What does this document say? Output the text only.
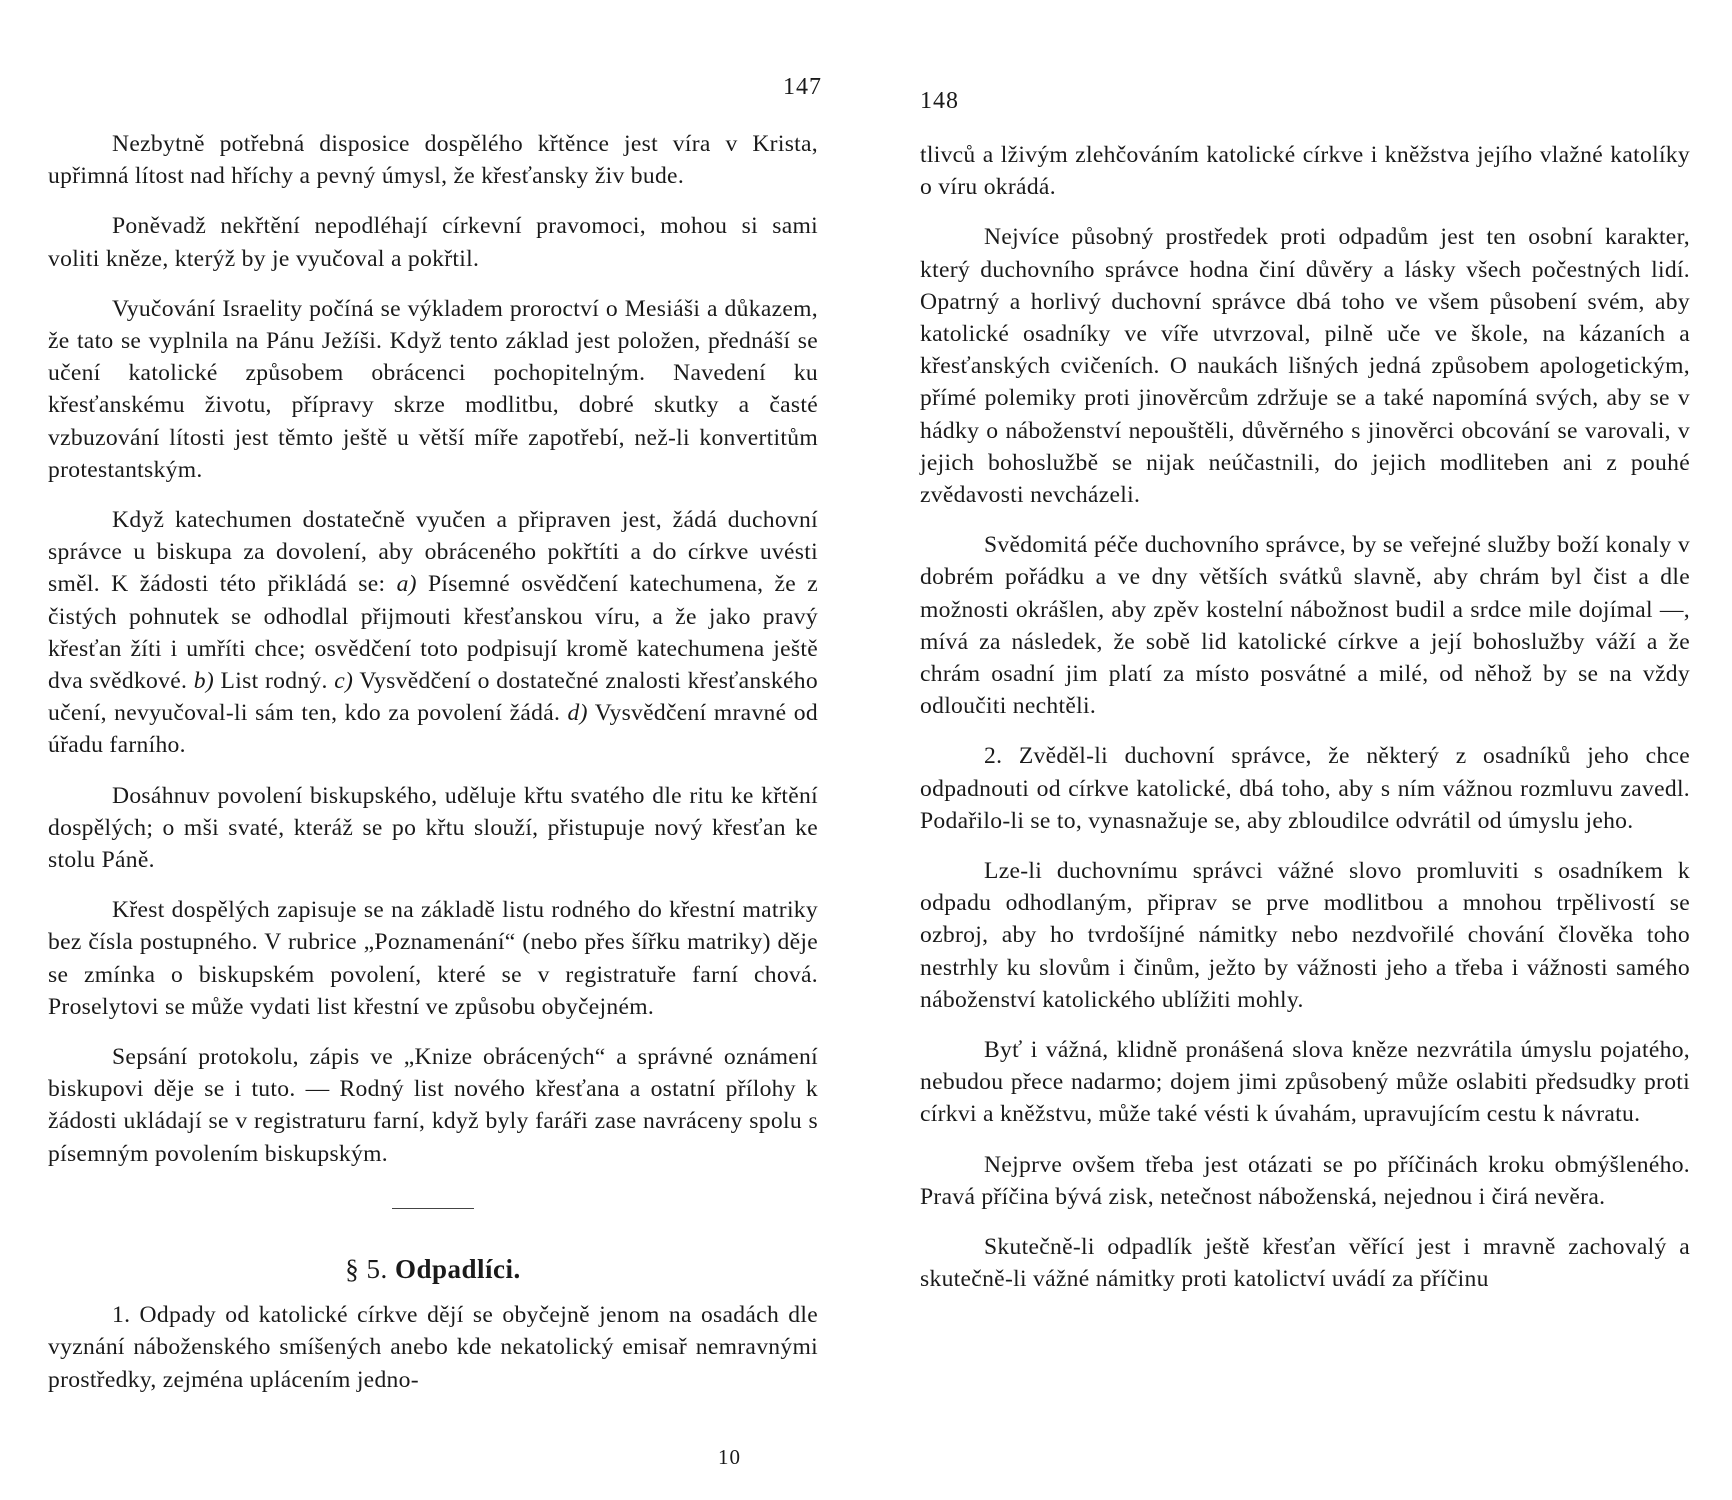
147

Nezbytně potřebná disposice dospělého křtěnce jest víra v Krista, upřimná lítost nad hříchy a pevný úmysl, že křesťansky živ bude.

Poněvadž nekřtění nepodléhají církevní pravomoci, mohou si sami voliti kněze, kterýž by je vyučoval a pokřtil.

Vyučování Israelity počíná se výkladem proroctví o Mesiáši a důkazem, že tato se vyplnila na Pánu Ježíši. Když tento základ jest položen, přednáší se učení katolické způsobem obrácenci pochopitelným. Navedení ku křesťanskému životu, přípravy skrze modlitbu, dobré skutky a časté vzbuzování lítosti jest těmto ještě u větší míře zapotřebí, než-li konvertitům protestantským.

Když katechumen dostatečně vyučen a připraven jest, žádá duchovní správce u biskupa za dovolení, aby obráceného pokřtíti a do církve uvésti směl. K žádosti této přikládá se: a) Písemné osvědčení katechumena, že z čistých pohnutek se odhodlal přijmouti křesťanskou víru, a že jako pravý křesťan žíti i umříti chce; osvědčení toto podpisují kromě katechumena ještě dva svědkové. b) List rodný. c) Vysvědčení o dostatečné znalosti křesťanského učení, nevyučoval-li sám ten, kdo za povolení žádá. d) Vysvědčení mravné od úřadu farního.

Dosáhnuv povolení biskupského, uděluje křtu svatého dle ritu ke křtění dospělých; o mši svaté, kteráž se po křtu slouží, přistupuje nový křesťan ke stolu Páně.

Křest dospělých zapisuje se na základě listu rodného do křestní matriky bez čísla postupného. V rubrice „Poznamenání“ (nebo přes šířku matriky) děje se zmínka o biskupském povolení, které se v registratuře farní chová. Proselytovi se může vydati list křestní ve způsobu obyčejném.

Sepsání protokolu, zápis ve „Knize obrácených“ a správné oznámení biskupovi děje se i tuto. — Rodný list nového křesťana a ostatní přílohy k žádosti ukládají se v registraturu farní, když byly faráři zase navráceny spolu s písemným povolením biskupským.

§ 5. Odpadlíci.

1. Odpady od katolické církve dějí se obyčejně jenom na osadách dle vyznání náboženského smíšených anebo kde nekatolický emisař nemravnými prostředky, zejména uplácením jedno-

10
148

tlivců a lživým zlehčováním katolické církve i kněžstva jejího vlažné katolíky o víru okrádá.

Nejvíce působný prostředek proti odpadům jest ten osobní karakter, který duchovního správce hodna činí důvěry a lásky všech počestných lidí. Opatrný a horlivý duchovní správce dbá toho ve všem působení svém, aby katolické osadníky ve víře utvrzoval, pilně uče ve škole, na kázaních a křesťanských cvičeních. O naukách lišných jedná způsobem apologetickým, přímé polemiky proti jinověrcům zdržuje se a také napomíná svých, aby se v hádky o náboženství nepouštěli, důvěrného s jinověrci obcování se varovali, v jejich bohoslužbě se nijak neúčastnili, do jejich modliteben ani z pouhé zvědavosti nevcházeli.

Svědomitá péče duchovního správce, by se veřejné služby boží konaly v dobrém pořádku a ve dny větších svátků slavně, aby chrám byl čist a dle možnosti okrášlen, aby zpěv kostelní nábožnost budil a srdce mile dojímal —, mívá za následek, že sobě lid katolické církve a její bohoslužby váží a že chrám osadní jim platí za místo posvátné a milé, od něhož by se na vždy odloučiti nechtěli.

2. Zvěděl-li duchovní správce, že některý z osadníků jeho chce odpadnouti od církve katolické, dbá toho, aby s ním vážnou rozmluvu zavedl. Podařilo-li se to, vynasnažuje se, aby zbloudilce odvrátil od úmyslu jeho.

Lze-li duchovnímu správci vážné slovo promluviti s osadníkem k odpadu odhodlaným, připrav se prve modlitbou a mnohou trpělivostí se ozbroj, aby ho tvrdošíjné námitky nebo nezdvořilé chování člověka toho nestrhly ku slovům i činům, ježto by vážnosti jeho a třeba i vážnosti samého náboženství katolického ublížiti mohly.

Byť i vážná, klidně pronášená slova kněze nezvrátila úmyslu pojatého, nebudou přece nadarmo; dojem jimi způsobený může oslabiti předsudky proti církvi a kněžstvu, může také vésti k úvahám, upravujícím cestu k návratu.

Nejprve ovšem třeba jest otázati se po příčinách kroku obmýšleného. Pravá příčina bývá zisk, netečnost náboženská, nejednou i čirá nevěra.

Skutečně-li odpadlík ještě křesťan věřící jest i mravně zachovalý a skutečně-li vážné námitky proti katolictví uvádí za příčinu
